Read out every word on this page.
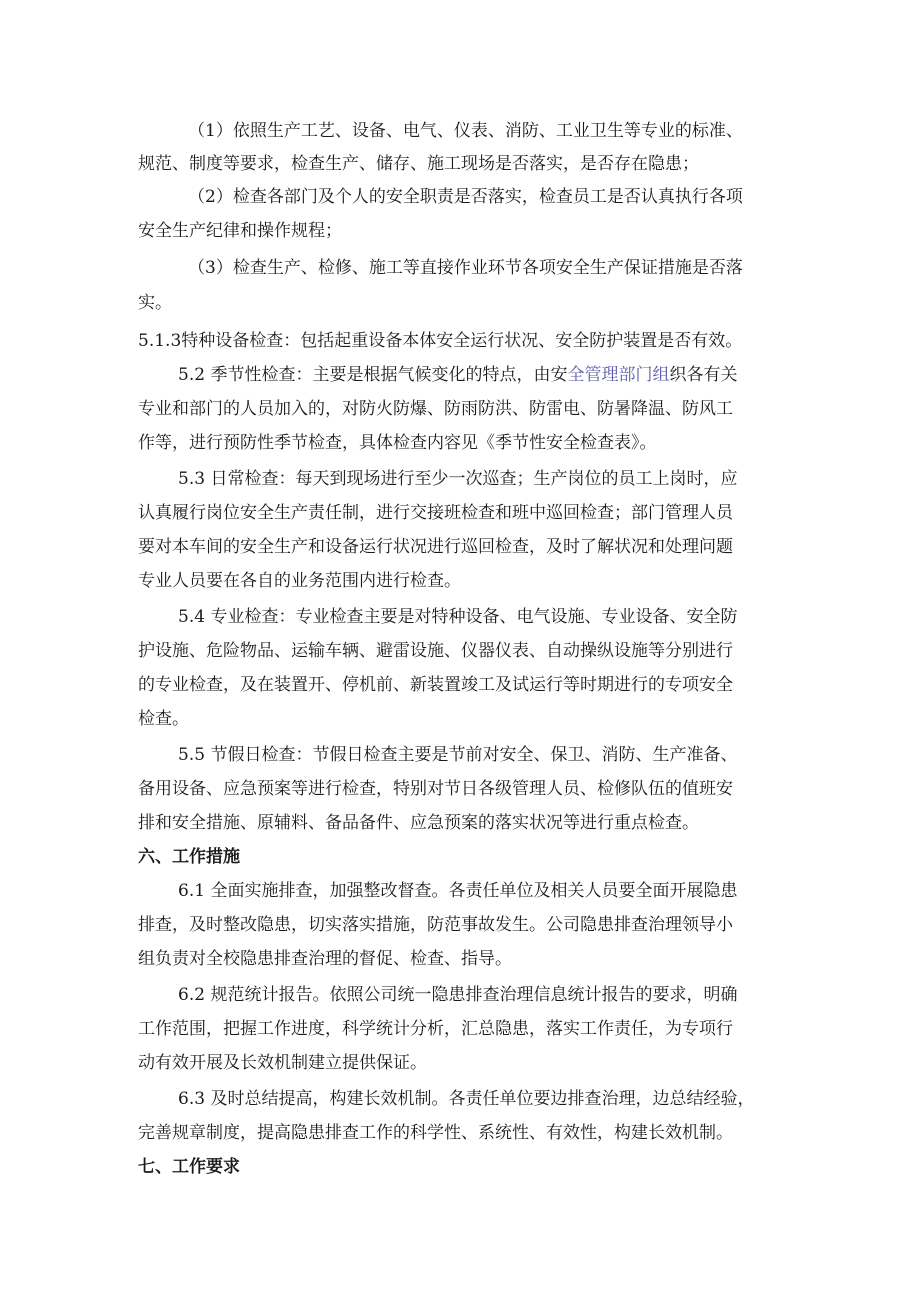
（1）依照生产工艺、设备、电气、仪表、消防、工业卫生等专业的标准、
规范、制度等要求，检查生产、储存、施工现场是否落实，是否存在隐患；
（2）检查各部门及个人的安全职责是否落实，检查员工是否认真执行各项
安全生产纪律和操作规程；
（3）检查生产、检修、施工等直接作业环节各项安全生产保证措施是否落
实。
5.1.3特种设备检查：包括起重设备本体安全运行状况、安全防护装置是否有效。
5.2 季节性检查：主要是根据气候变化的特点，由安全管理部门组织各有关
专业和部门的人员加入的，对防火防爆、防雨防洪、防雷电、防暑降温、防风工
作等，进行预防性季节检查，具体检查内容见《季节性安全检查表》。
5.3 日常检查：每天到现场进行至少一次巡查；生产岗位的员工上岗时，应
认真履行岗位安全生产责任制，进行交接班检查和班中巡回检查；部门管理人员
要对本车间的安全生产和设备运行状况进行巡回检查，及时了解状况和处理问题
专业人员要在各自的业务范围内进行检查。
5.4 专业检查：专业检查主要是对特种设备、电气设施、专业设备、安全防
护设施、危险物品、运输车辆、避雷设施、仪器仪表、自动操纵设施等分别进行
的专业检查，及在装置开、停机前、新装置竣工及试运行等时期进行的专项安全
检查。
5.5 节假日检查：节假日检查主要是节前对安全、保卫、消防、生产准备、
备用设备、应急预案等进行检查，特别对节日各级管理人员、检修队伍的值班安
排和安全措施、原辅料、备品备件、应急预案的落实状况等进行重点检查。
六、工作措施
6.1 全面实施排查，加强整改督查。各责任单位及相关人员要全面开展隐患
排查，及时整改隐患，切实落实措施，防范事故发生。公司隐患排查治理领导小
组负责对全校隐患排查治理的督促、检查、指导。
6.2 规范统计报告。依照公司统一隐患排查治理信息统计报告的要求，明确
工作范围，把握工作进度，科学统计分析，汇总隐患，落实工作责任，为专项行
动有效开展及长效机制建立提供保证。
6.3 及时总结提高，构建长效机制。各责任单位要边排查治理，边总结经验，
完善规章制度，提高隐患排查工作的科学性、系统性、有效性，构建长效机制。
七、工作要求
